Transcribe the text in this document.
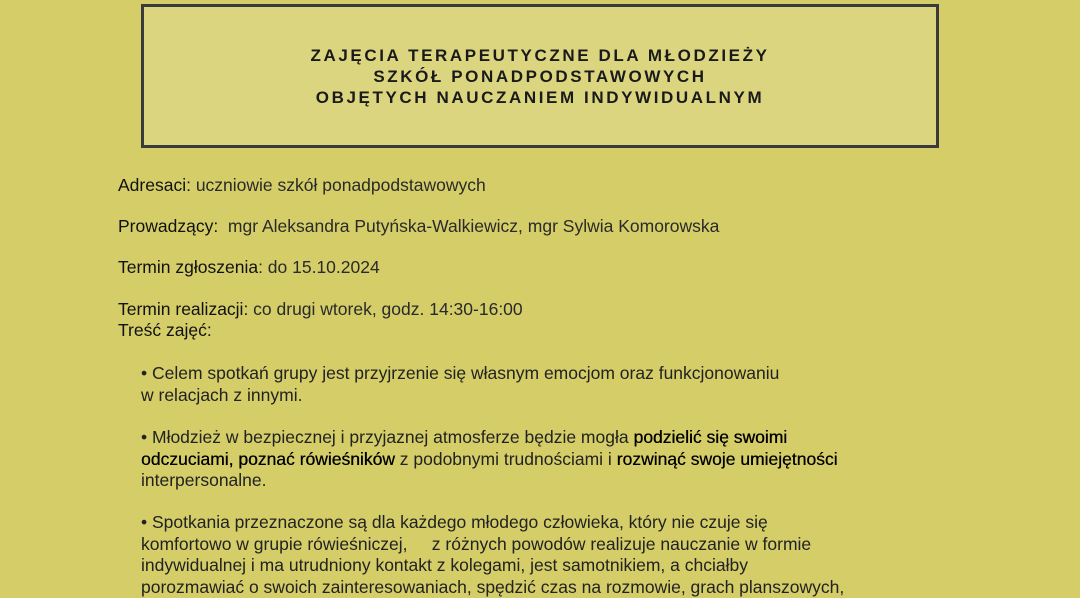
ZAJĘCIA TERAPEUTYCZNE DLA MŁODZIEŻY
SZKÓŁ PONADPODSTAWOWYCH
OBJĘTYCH NAUCZANIEM INDYWIDUALNYM
Adresaci: uczniowie szkół ponadpodstawowych
Prowadzący:  mgr Aleksandra Putyńska-Walkiewicz, mgr Sylwia Komorowska
Termin zgłoszenia: do 15.10.2024
Termin realizacji: co drugi wtorek, godz. 14:30-16:00
Treść zajęć:
• Celem spotkań grupy jest przyjrzenie się własnym emocjom oraz funkcjonowaniu
w relacjach z innymi.
• Młodzież w bezpiecznej i przyjaznej atmosferze będzie mogła podzielić się swoimi
odczuciami, poznać rówieśników z podobnymi trudnościami i rozwinąć swoje umiejętności
interpersonalne.
• Spotkania przeznaczone są dla każdego młodego człowieka, który nie czuje się
komfortowo w grupie rówieśniczej,     z różnych powodów realizuje nauczanie w formie
indywidualnej i ma utrudniony kontakt z kolegami, jest samotnikiem, a chciałby
porozmawiać o swoich zainteresowaniach, spędzić czas na rozmowie, grach planszowych,
